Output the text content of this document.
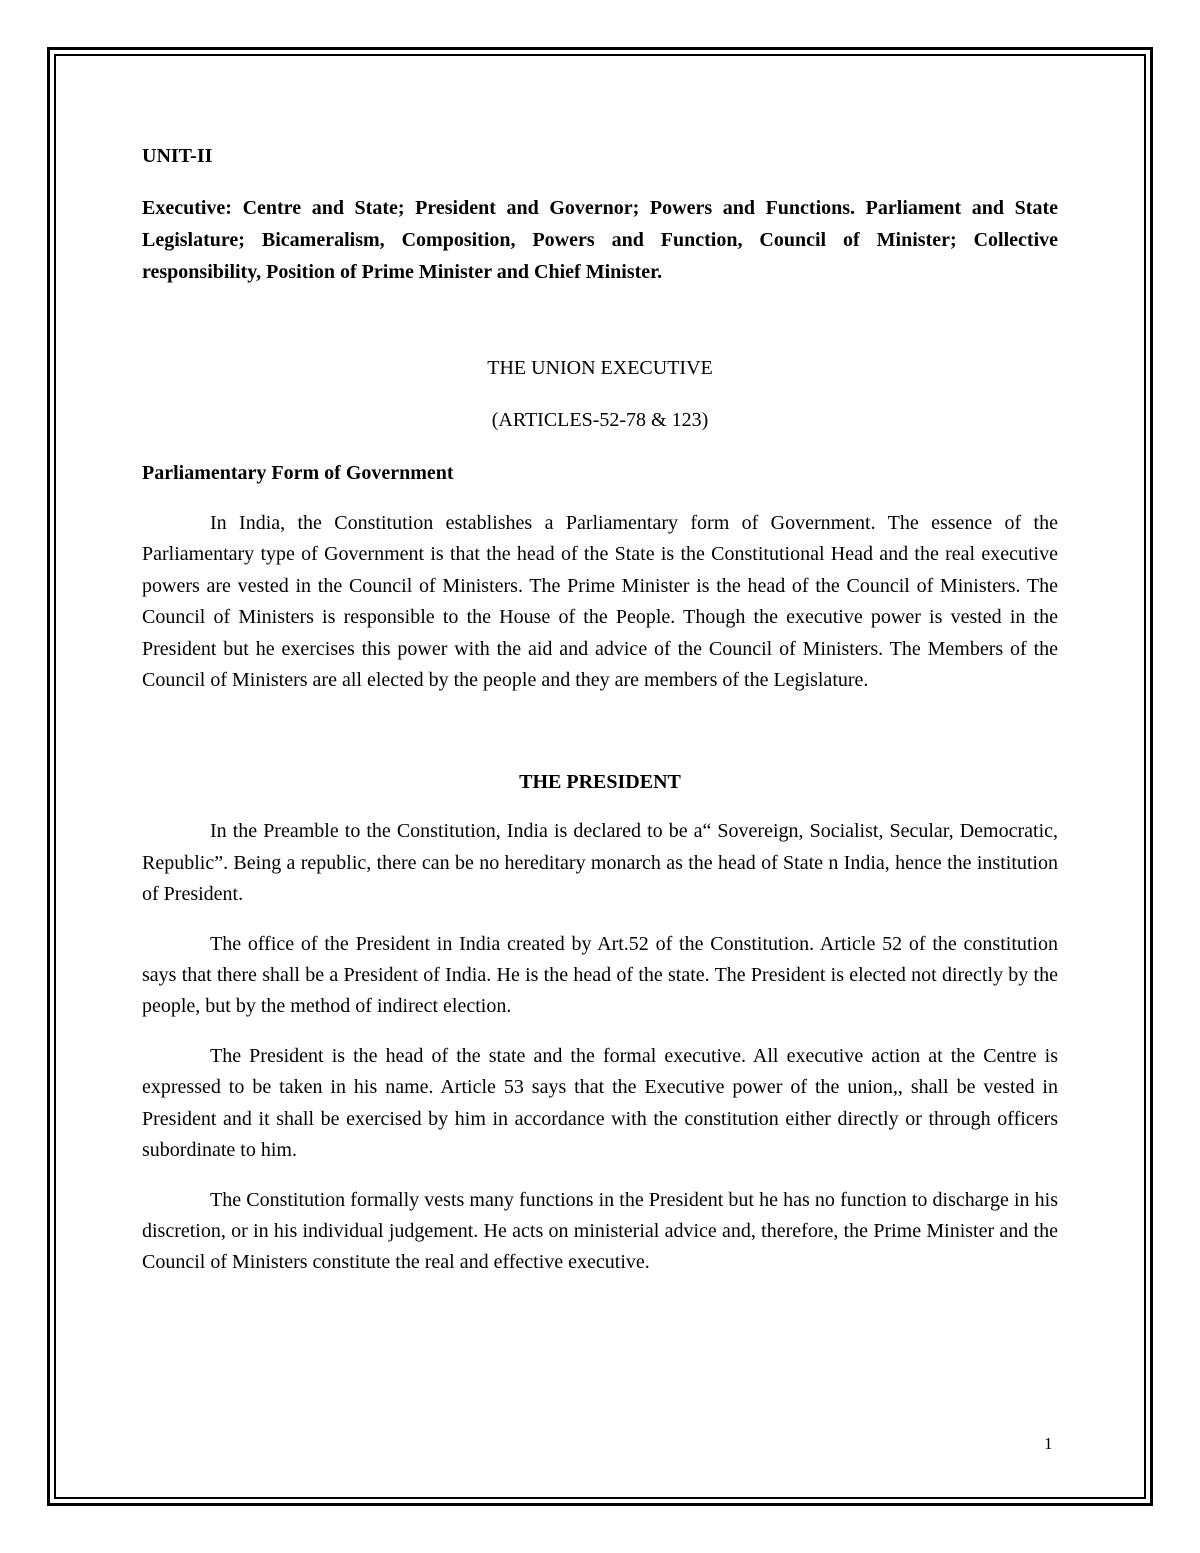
UNIT-II

Executive: Centre and State; President and Governor; Powers and Functions. Parliament and State Legislature; Bicameralism, Composition, Powers and Function, Council of Minister; Collective responsibility, Position of Prime Minister and Chief Minister.

THE UNION EXECUTIVE

(ARTICLES-52-78 & 123)

Parliamentary Form of Government

In India, the Constitution establishes a Parliamentary form of Government. The essence of the Parliamentary type of Government is that the head of the State is the Constitutional Head and the real executive powers are vested in the Council of Ministers. The Prime Minister is the head of the Council of Ministers. The Council of Ministers is responsible to the House of the People. Though the executive power is vested in the President but he exercises this power with the aid and advice of the Council of Ministers. The Members of the Council of Ministers are all elected by the people and they are members of the Legislature.

THE PRESIDENT

In the Preamble to the Constitution, India is declared to be a“ Sovereign, Socialist, Secular, Democratic, Republic”. Being a republic, there can be no hereditary monarch as the head of State n India, hence the institution of President.

The office of the President in India created by Art.52 of the Constitution. Article 52 of the constitution says that there shall be a President of India. He is the head of the state. The President is elected not directly by the people, but by the method of indirect election.

The President is the head of the state and the formal executive. All executive action at the Centre is expressed to be taken in his name. Article 53 says that the Executive power of the union,, shall be vested in President and it shall be exercised by him in accordance with the constitution either directly or through officers subordinate to him.

The Constitution formally vests many functions in the President but he has no function to discharge in his discretion, or in his individual judgement. He acts on ministerial advice and, therefore, the Prime Minister and the Council of Ministers constitute the real and effective executive.

1
